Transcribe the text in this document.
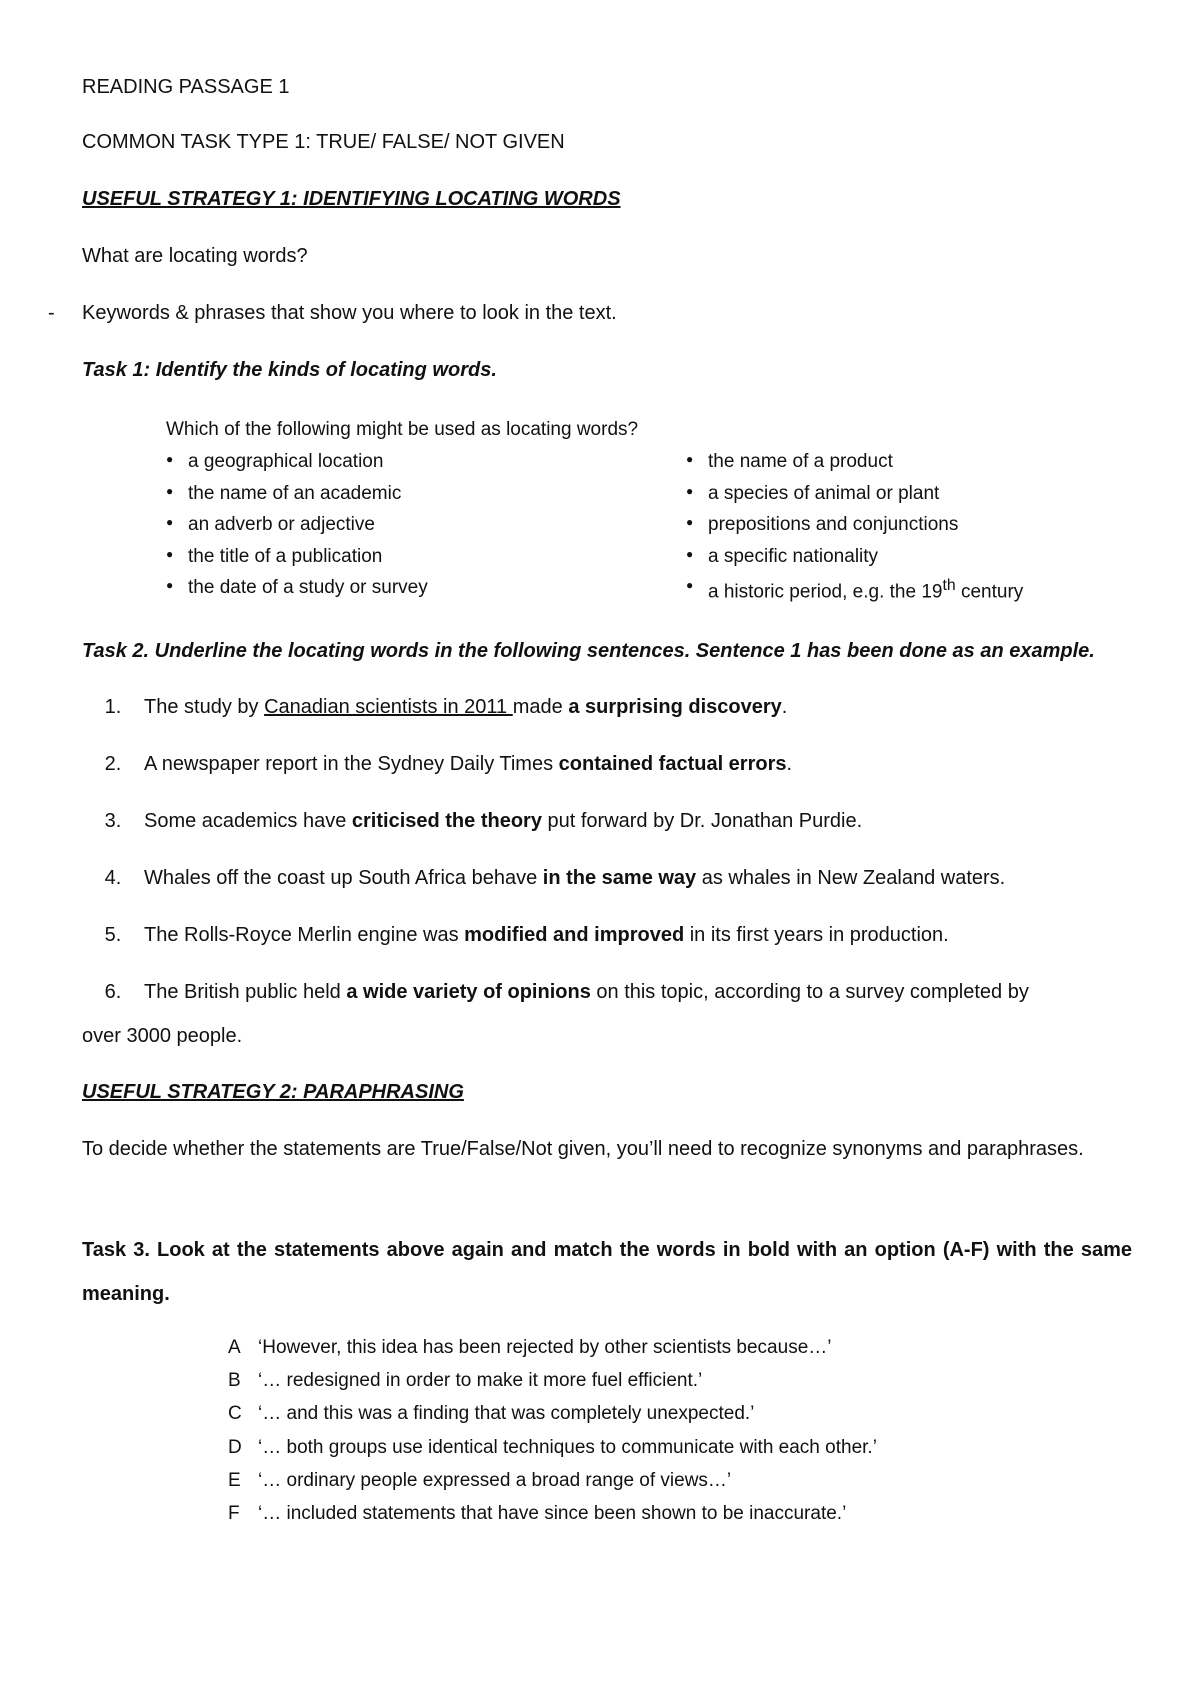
READING PASSAGE 1
COMMON TASK TYPE 1: TRUE/ FALSE/ NOT GIVEN
USEFUL STRATEGY 1: IDENTIFYING LOCATING WORDS
What are locating words?
- Keywords & phrases that show you where to look in the text.
Task 1: Identify the kinds of locating words.
Which of the following might be used as locating words?
● a geographical location
● the name of an academic
● an adverb or adjective
● the title of a publication
● the date of a study or survey
● the name of a product
● a species of animal or plant
● prepositions and conjunctions
● a specific nationality
● a historic period, e.g. the 19th century
Task 2. Underline the locating words in the following sentences. Sentence 1 has been done as an example.
1. The study by Canadian scientists in 2011 made a surprising discovery.
2. A newspaper report in the Sydney Daily Times contained factual errors.
3. Some academics have criticised the theory put forward by Dr. Jonathan Purdie.
4. Whales off the coast up South Africa behave in the same way as whales in New Zealand waters.
5. The Rolls-Royce Merlin engine was modified and improved in its first years in production.
6. The British public held a wide variety of opinions on this topic, according to a survey completed by
over 3000 people.
USEFUL STRATEGY 2: PARAPHRASING
To decide whether the statements are True/False/Not given, you’ll need to recognize synonyms and paraphrases.
Task 3. Look at the statements above again and match the words in bold with an option (A-F) with the same meaning.
A ‘However, this idea has been rejected by other scientists because…’
B ‘… redesigned in order to make it more fuel efficient.’
C ‘… and this was a finding that was completely unexpected.’
D ‘… both groups use identical techniques to communicate with each other.’
E ‘… ordinary people expressed a broad range of views…’
F ‘… included statements that have since been shown to be inaccurate.’
